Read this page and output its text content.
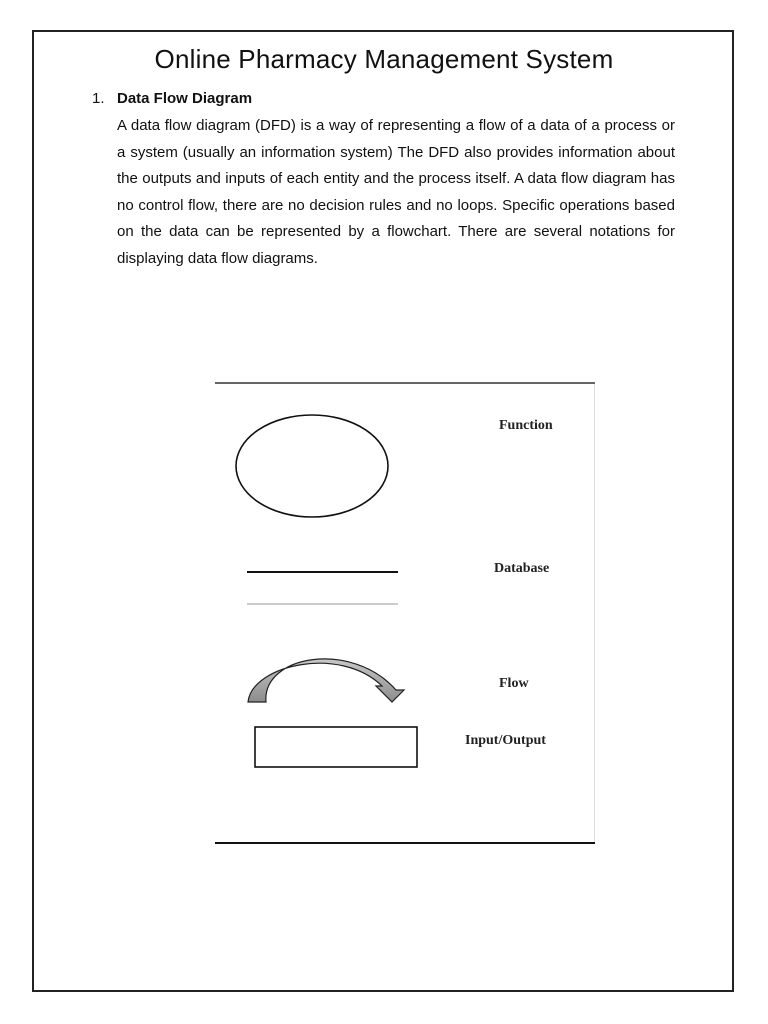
Online Pharmacy Management System
1. Data Flow Diagram
A data flow diagram (DFD) is a way of representing a flow of a data of a process or a system (usually an information system) The DFD also provides information about the outputs and inputs of each entity and the process itself. A data flow diagram has no control flow, there are no decision rules and no loops. Specific operations based on the data can be represented by a flowchart. There are several notations for displaying data flow diagrams.
Function
Database
Flow
Input/Output
